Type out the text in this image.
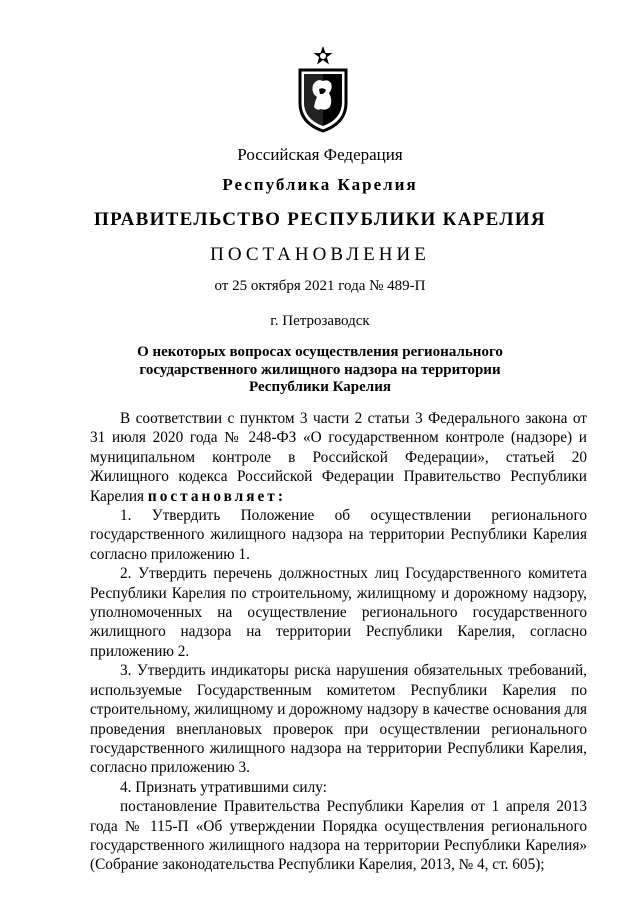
Российская Федерация
Республика Карелия
ПРАВИТЕЛЬСТВО РЕСПУБЛИКИ КАРЕЛИЯ
ПОСТАНОВЛЕНИЕ
от 25 октября 2021 года № 489-П
г. Петрозаводск
О некоторых вопросах осуществления регионального государственного жилищного надзора на территории Республики Карелия

В соответствии с пунктом 3 части 2 статьи 3 Федерального закона от 31 июля 2020 года № 248-ФЗ «О государственном контроле (надзоре) и муниципальном контроле в Российской Федерации», статьей 20 Жилищного кодекса Российской Федерации Правительство Республики Карелия постановляет:

1. Утвердить Положение об осуществлении регионального государственного жилищного надзора на территории Республики Карелия согласно приложению 1.

2. Утвердить перечень должностных лиц Государственного комитета Республики Карелия по строительному, жилищному и дорожному надзору, уполномоченных на осуществление регионального государственного жилищного надзора на территории Республики Карелия, согласно приложению 2.

3. Утвердить индикаторы риска нарушения обязательных требований, используемые Государственным комитетом Республики Карелия по строительному, жилищному и дорожному надзору в качестве основания для проведения внеплановых проверок при осуществлении регионального государственного жилищного надзора на территории Республики Карелия, согласно приложению 3.

4. Признать утратившими силу:

постановление Правительства Республики Карелия от 1 апреля 2013 года № 115-П «Об утверждении Порядка осуществления регионального государственного жилищного надзора на территории Республики Карелия» (Собрание законодательства Республики Карелия, 2013, № 4, ст. 605);
